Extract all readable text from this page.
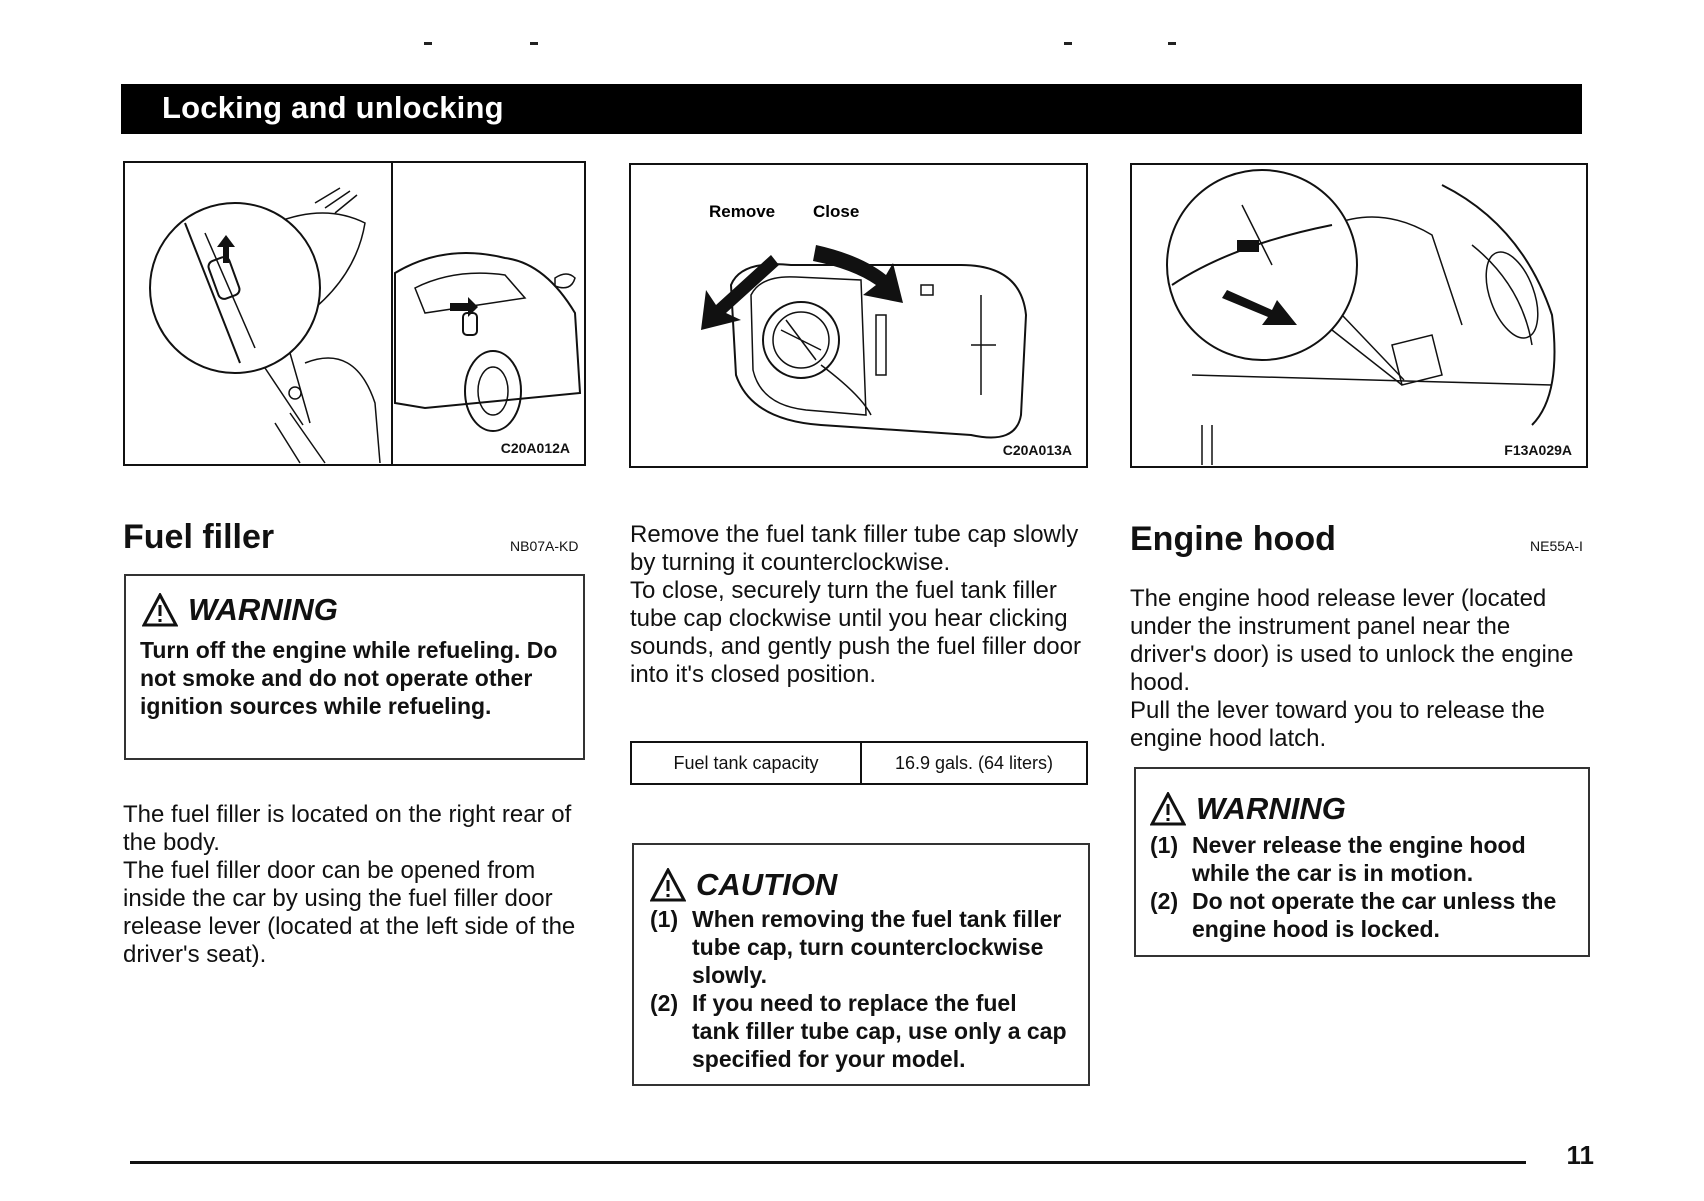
Locking and unlocking
C20A012A
Remove Close
C20A013A	F13A029A
Fuel filler	NB07A-KD
WARNING
Turn off the engine while refueling. Do not smoke and do not operate other ignition sources while refueling.

The fuel filler is located on the right rear of the body.

The fuel filler door can be opened from inside the car by using the fuel filler door release lever (located at the left side of the driver's seat).

Remove the fuel tank filler tube cap slowly by turning it counterclockwise.

To close, securely turn the fuel tank filler tube cap clockwise until you hear clicking sounds, and gently push the fuel filler door into it's closed position.

Fuel tank capacity	16.9 gals. (64 liters)
CAUTION
(1) When removing the fuel tank filler tube cap, turn counterclockwise slowly.
(2) If you need to replace the fuel tank filler tube cap, use only a cap specified for your model.
Engine hood	NE55A-I

The engine hood release lever (located under the instrument panel near the driver's door) is used to unlock the engine hood.

Pull the lever toward you to release the engine hood latch.

WARNING
(1) Never release the engine hood while the car is in motion.
(2) Do not operate the car unless the engine hood is locked.
11
